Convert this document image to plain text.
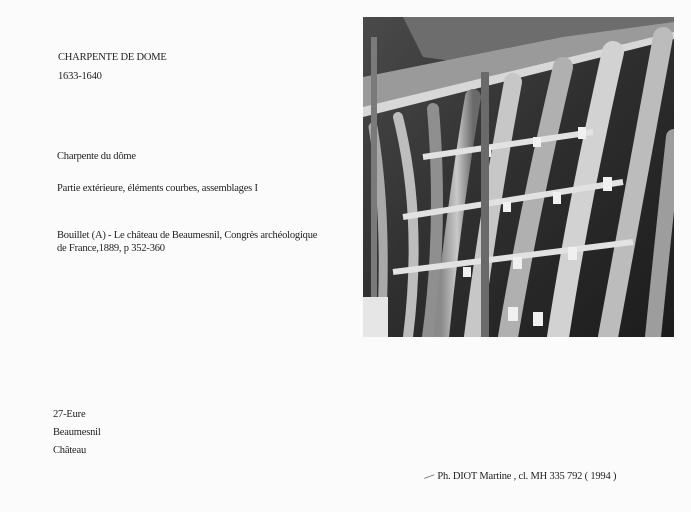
CHARPENTE DE DOME
1633-1640
Charpente du dôme
Partie extérieure, éléments courbes, assemblages I
Bouillet (A) - Le château de Beaumesnil, Congrès archéologique de France,1889, p 352-360
27-Eure
Beaumesnil
Château
—Ph. DIOT Martine , cl. MH 335 792 ( 1994 )
